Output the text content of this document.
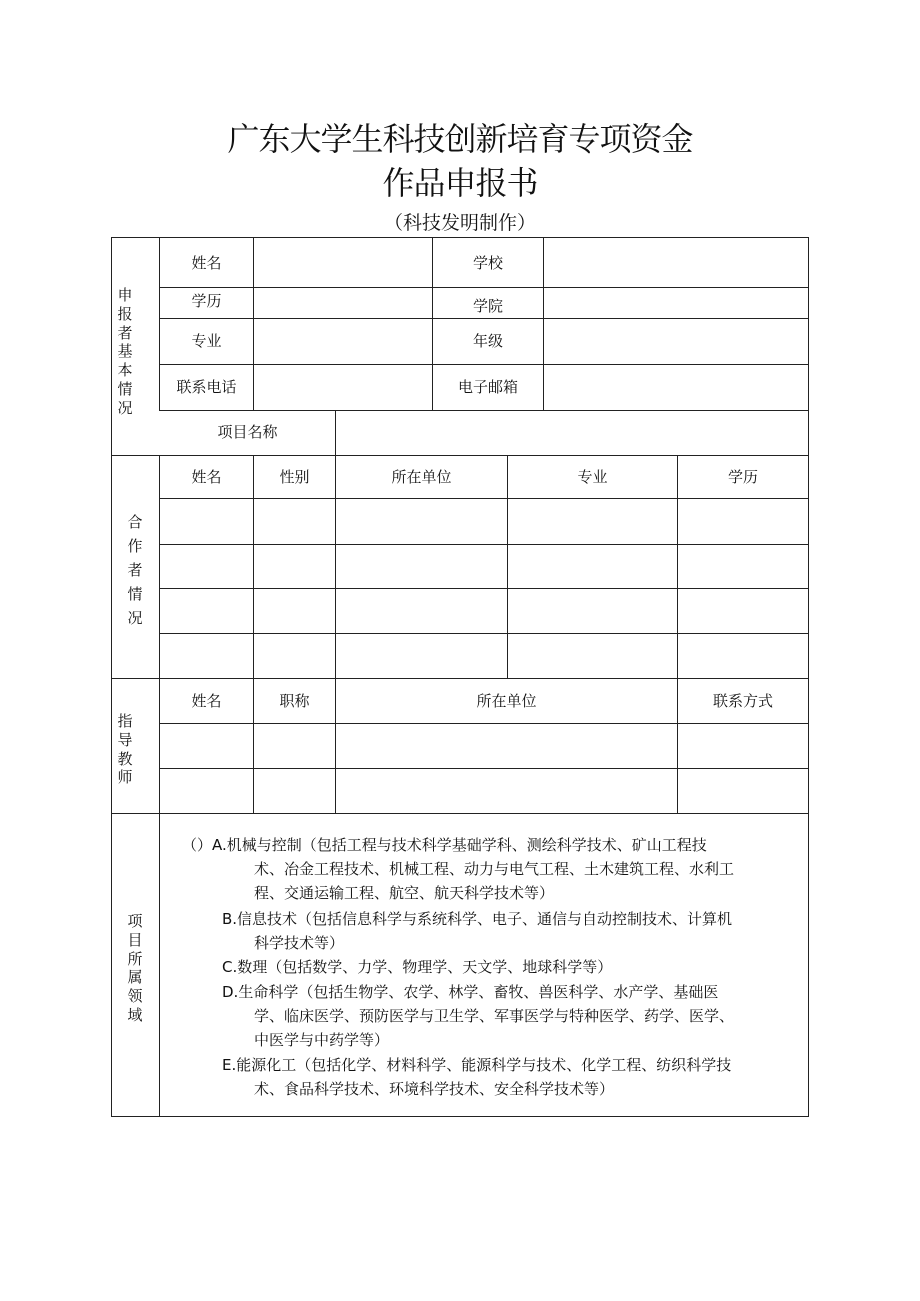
广东大学生科技创新培育专项资金
作品申报书
（科技发明制作）
申报者基本情况
姓名	学校
学历	学院
专业	年级
联系电话	电子邮箱
项目名称
合作者情况
姓名	性别	所在单位	专业	学历
指导教师
姓名	职称	所在单位	联系方式
项目所属领域
（）A.机械与控制（包括工程与技术科学基础学科、测绘科学技术、矿山工程技
术、冶金工程技术、机械工程、动力与电气工程、土木建筑工程、水利工
程、交通运输工程、航空、航天科学技术等）
B.信息技术（包括信息科学与系统科学、电子、通信与自动控制技术、计算机
科学技术等）
C.数理（包括数学、力学、物理学、天文学、地球科学等）
D.生命科学（包括生物学、农学、林学、畜牧、兽医科学、水产学、基础医
学、临床医学、预防医学与卫生学、军事医学与特种医学、药学、医学、
中医学与中药学等）
E.能源化工（包括化学、材料科学、能源科学与技术、化学工程、纺织科学技
术、食品科学技术、环境科学技术、安全科学技术等）
